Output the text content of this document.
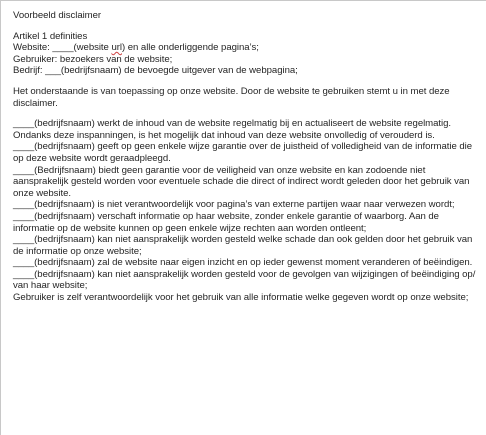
Voorbeeld disclaimer
Artikel 1 definities
Website: ____(website url) en alle onderliggende pagina’s;
Gebruiker: bezoekers van de website;
Bedrijf: ___(bedrijfsnaam) de bevoegde uitgever van de webpagina;
Het onderstaande is van toepassing op onze website. Door de website te gebruiken stemt u in met deze disclaimer.
____(bedrijfsnaam) werkt de inhoud van de website regelmatig bij en actualiseert de website regelmatig. Ondanks deze inspanningen, is het mogelijk dat inhoud van deze website onvolledig of verouderd is.
____(bedrijfsnaam) geeft op geen enkele wijze garantie over de juistheid of volledigheid van de informatie die op deze website wordt geraadpleegd.
____(Bedrijfsnaam) biedt geen garantie voor de veiligheid van onze website en kan zodoende niet aansprakelijk gesteld worden voor eventuele schade die direct of indirect wordt geleden door het gebruik van onze website.
____(bedrijfsnaam) is niet verantwoordelijk voor pagina’s van externe partijen waar naar verwezen wordt;
____(bedrijfsnaam) verschaft informatie op haar website, zonder enkele garantie of waarborg. Aan de informatie op de website kunnen op geen enkele wijze rechten aan worden ontleent;
____(bedrijfsnaam) kan niet aansprakelijk worden gesteld welke schade dan ook gelden door het gebruik van de informatie op onze website;
____(bedrijfsnaam) zal de website naar eigen inzicht en op ieder gewenst moment veranderen of beëindigen. ____(bedrijfsnaam) kan niet aansprakelijk worden gesteld voor de gevolgen van wijzigingen of beëindiging op/ van haar website;
Gebruiker is zelf verantwoordelijk voor het gebruik van alle informatie welke gegeven wordt op onze website;
